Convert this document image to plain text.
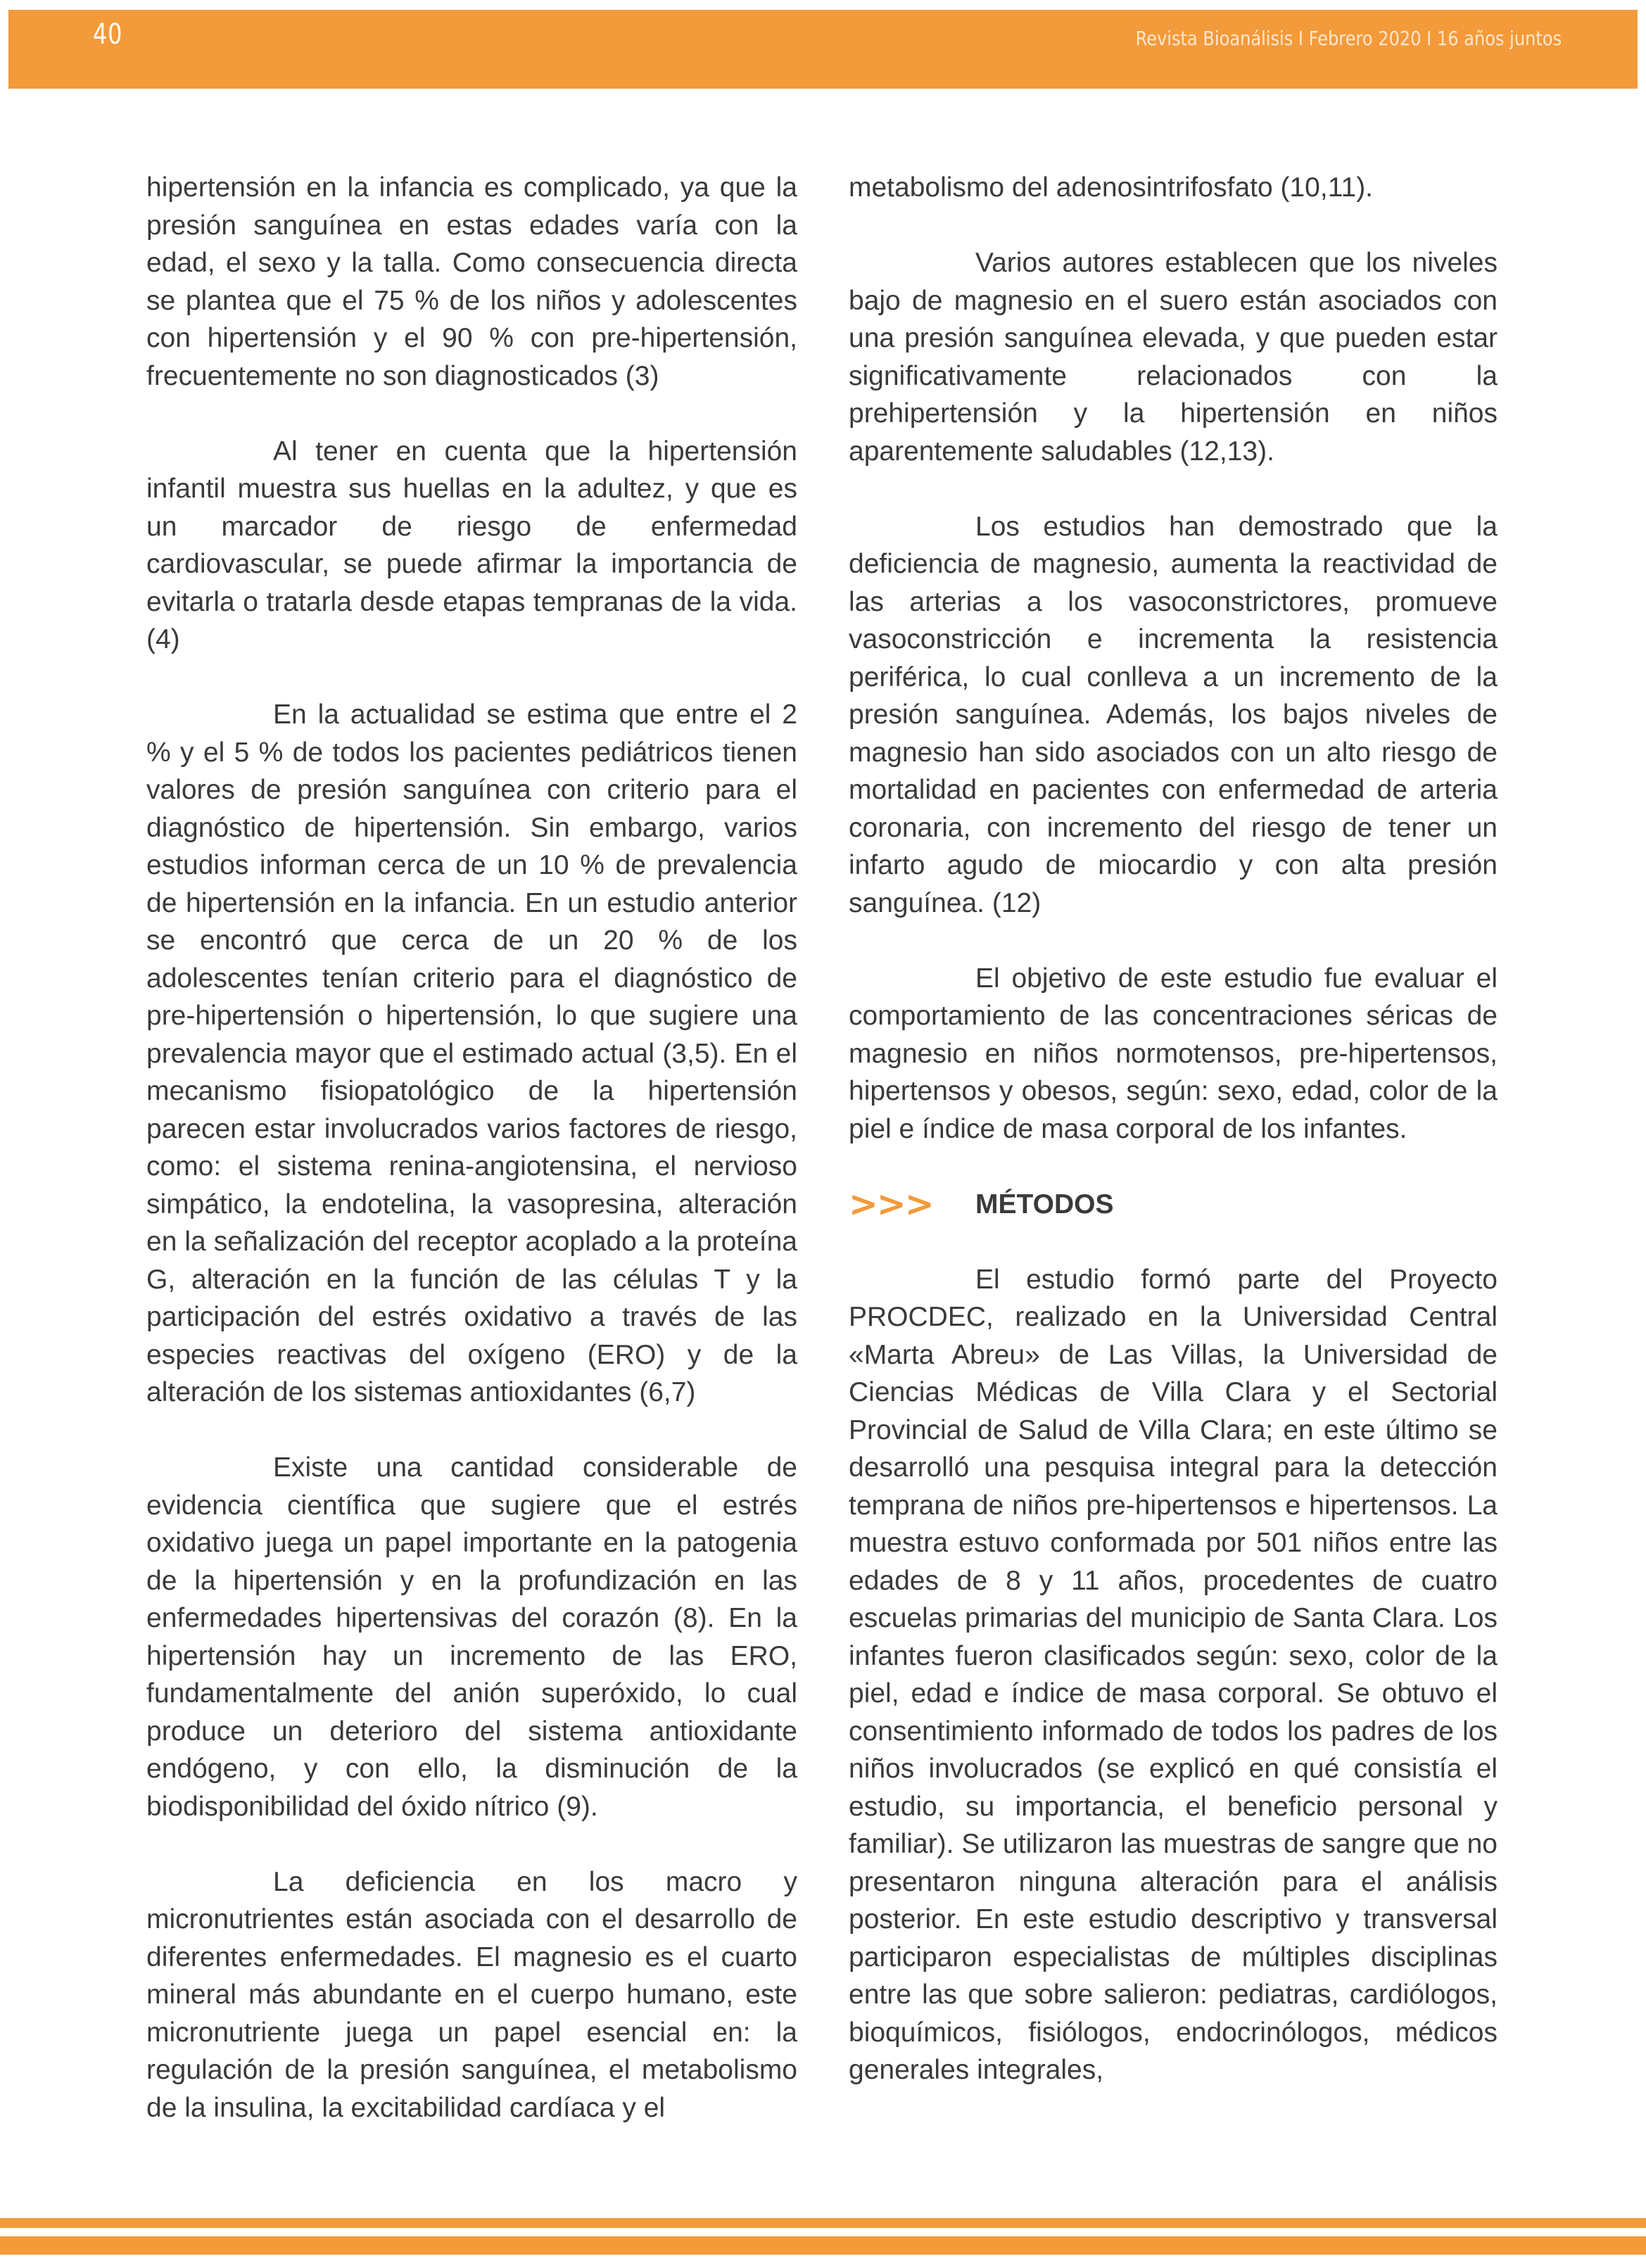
40	Revista Bioanálisis I Febrero 2020 I 16 años juntos

hipertensión en la infancia es complicado, ya que la presión sanguínea en estas edades varía con la edad, el sexo y la talla. Como consecuencia directa se plantea que el 75 % de los niños y adolescentes con hipertensión y el 90 % con pre-hipertensión, frecuentemente no son diagnosticados (3)

Al tener en cuenta que la hipertensión infantil muestra sus huellas en la adultez, y que es un marcador de riesgo de enfermedad cardiovascular, se puede afirmar la importancia de evitarla o tratarla desde etapas tempranas de la vida. (4)

En la actualidad se estima que entre el 2 % y el 5 % de todos los pacientes pediátricos tienen valores de presión sanguínea con criterio para el diagnóstico de hipertensión. Sin embargo, varios estudios informan cerca de un 10 % de prevalencia de hipertensión en la infancia. En un estudio anterior se encontró que cerca de un 20 % de los adolescentes tenían criterio para el diagnóstico de pre-hipertensión o hipertensión, lo que sugiere una prevalencia mayor que el estimado actual (3,5). En el mecanismo fisiopatológico de la hipertensión parecen estar involucrados varios factores de riesgo, como: el sistema renina-angiotensina, el nervioso simpático, la endotelina, la vasopresina, alteración en la señalización del receptor acoplado a la proteína G, alteración en la función de las células T y la participación del estrés oxidativo a través de las especies reactivas del oxígeno (ERO) y de la alteración de los sistemas antioxidantes (6,7)

Existe una cantidad considerable de evidencia científica que sugiere que el estrés oxidativo juega un papel importante en la patogenia de la hipertensión y en la profundización en las enfermedades hipertensivas del corazón (8). En la hipertensión hay un incremento de las ERO, fundamentalmente del anión superóxido, lo cual produce un deterioro del sistema antioxidante endógeno, y con ello, la disminución de la biodisponibilidad del óxido nítrico (9).

La deficiencia en los macro y micronutrientes están asociada con el desarrollo de diferentes enfermedades. El magnesio es el cuarto mineral más abundante en el cuerpo humano, este micronutriente juega un papel esencial en: la regulación de la presión sanguínea, el metabolismo de la insulina, la excitabilidad cardíaca y el

metabolismo del adenosintrifosfato (10,11).

Varios autores establecen que los niveles bajo de magnesio en el suero están asociados con una presión sanguínea elevada, y que pueden estar significativamente relacionados con la prehipertensión y la hipertensión en niños aparentemente saludables (12,13).

Los estudios han demostrado que la deficiencia de magnesio, aumenta la reactividad de las arterias a los vasoconstrictores, promueve vasoconstricción e incrementa la resistencia periférica, lo cual conlleva a un incremento de la presión sanguínea. Además, los bajos niveles de magnesio han sido asociados con un alto riesgo de mortalidad en pacientes con enfermedad de arteria coronaria, con incremento del riesgo de tener un infarto agudo de miocardio y con alta presión sanguínea. (12)

El objetivo de este estudio fue evaluar el comportamiento de las concentraciones séricas de magnesio en niños normotensos, pre-hipertensos, hipertensos y obesos, según: sexo, edad, color de la piel e índice de masa corporal de los infantes.

>>>	MÉTODOS

El estudio formó parte del Proyecto PROCDEC, realizado en la Universidad Central «Marta Abreu» de Las Villas, la Universidad de Ciencias Médicas de Villa Clara y el Sectorial Provincial de Salud de Villa Clara; en este último se desarrolló una pesquisa integral para la detección temprana de niños pre-hipertensos e hipertensos. La muestra estuvo conformada por 501 niños entre las edades de 8 y 11 años, procedentes de cuatro escuelas primarias del municipio de Santa Clara. Los infantes fueron clasificados según: sexo, color de la piel, edad e índice de masa corporal. Se obtuvo el consentimiento informado de todos los padres de los niños involucrados (se explicó en qué consistía el estudio, su importancia, el beneficio personal y familiar). Se utilizaron las muestras de sangre que no presentaron ninguna alteración para el análisis posterior. En este estudio descriptivo y transversal participaron especialistas de múltiples disciplinas entre las que sobre salieron: pediatras, cardiólogos, bioquímicos, fisiólogos, endocrinólogos, médicos generales integrales,
